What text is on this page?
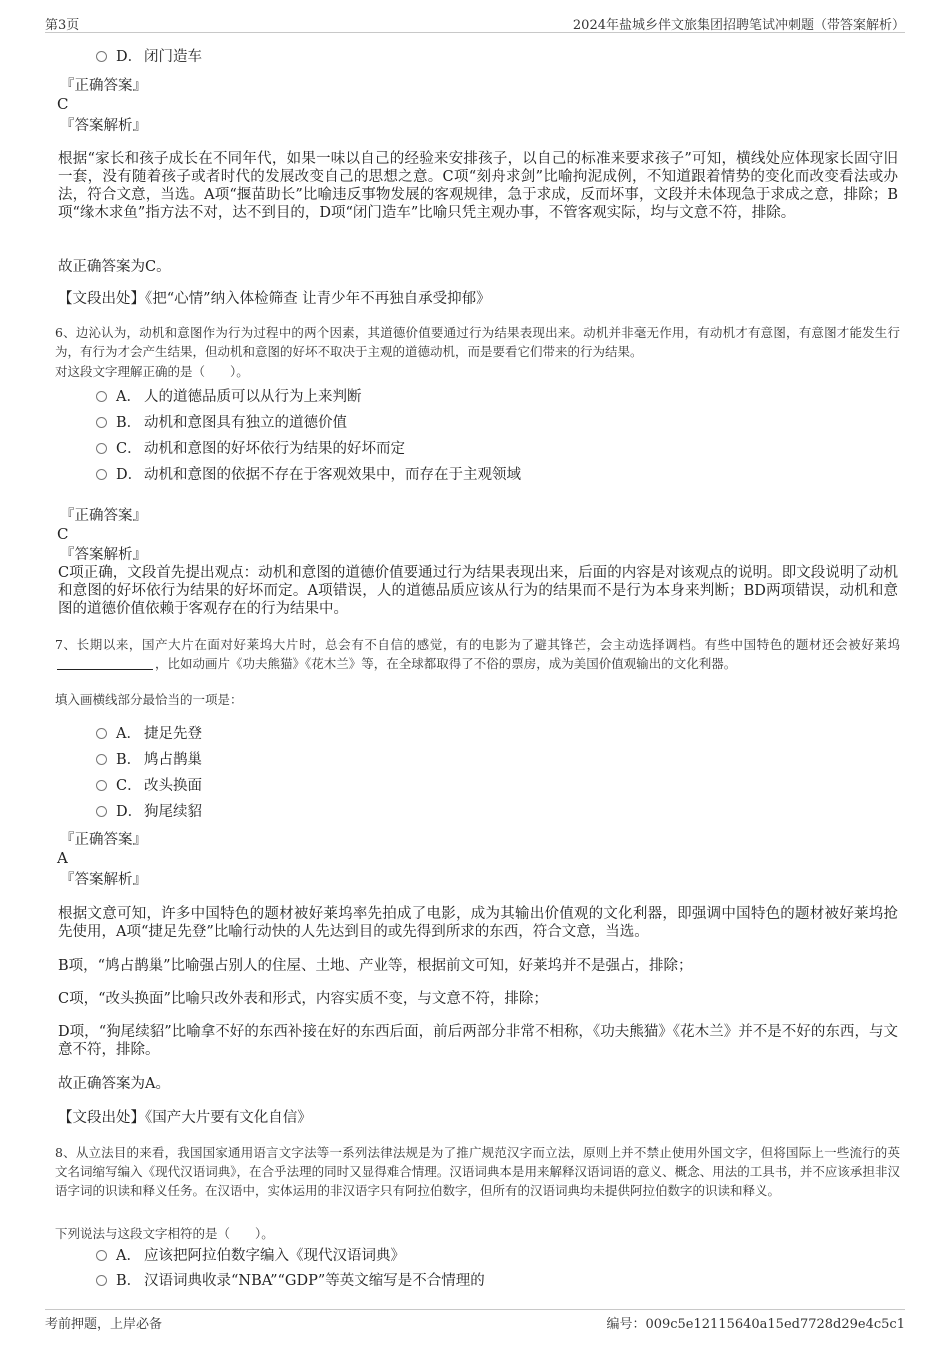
第3页	2024年盐城乡伴文旅集团招聘笔试冲刺题（带答案解析）
D． 闭门造车
『正确答案』
C
『答案解析』
根据“家长和孩子成长在不同年代，如果一味以自己的经验来安排孩子，以自己的标准来要求孩子”可知，横线处应体现家长固守旧一套，没有随着孩子或者时代的发展改变自己的思想之意。C项“刻舟求剑”比喻拘泥成例，不知道跟着情势的变化而改变看法或办法，符合文意，当选。A项“揠苗助长”比喻违反事物发展的客观规律，急于求成，反而坏事，文段并未体现急于求成之意，排除；B项“缘木求鱼”指方法不对，达不到目的，D项“闭门造车”比喻只凭主观办事，不管客观实际，均与文意不符，排除。
故正确答案为C。
【文段出处】《把“心情”纳入体检筛查 让青少年不再独自承受抑郁》
6、边沁认为，动机和意图作为行为过程中的两个因素，其道德价值要通过行为结果表现出来。动机并非毫无作用，有动机才有意图，有意图才能发生行为，有行为才会产生结果，但动机和意图的好坏不取决于主观的道德动机，而是要看它们带来的行为结果。
对这段文字理解正确的是（　　）。
A． 人的道德品质可以从行为上来判断
B． 动机和意图具有独立的道德价值
C． 动机和意图的好坏依行为结果的好坏而定
D． 动机和意图的依据不存在于客观效果中，而存在于主观领域
『正确答案』
C
『答案解析』
C项正确，文段首先提出观点：动机和意图的道德价值要通过行为结果表现出来，后面的内容是对该观点的说明。即文段说明了动机和意图的好坏依行为结果的好坏而定。A项错误，人的道德品质应该从行为的结果而不是行为本身来判断；BD两项错误，动机和意图的道德价值依赖于客观存在的行为结果中。
7、长期以来，国产大片在面对好莱坞大片时，总会有不自信的感觉，有的电影为了避其锋芒，会主动选择调档。有些中国特色的题材还会被好莱坞，比如动画片《功夫熊猫》《花木兰》等，在全球都取得了不俗的票房，成为美国价值观输出的文化利器。
填入画横线部分最恰当的一项是：
A． 捷足先登
B． 鸠占鹊巢
C． 改头换面
D． 狗尾续貂
『正确答案』
A
『答案解析』
根据文意可知，许多中国特色的题材被好莱坞率先拍成了电影，成为其输出价值观的文化利器，即强调中国特色的题材被好莱坞抢先使用，A项“捷足先登”比喻行动快的人先达到目的或先得到所求的东西，符合文意，当选。
B项，“鸠占鹊巢”比喻强占别人的住屋、土地、产业等，根据前文可知，好莱坞并不是强占，排除；
C项，“改头换面”比喻只改外表和形式，内容实质不变，与文意不符，排除；
D项，“狗尾续貂”比喻拿不好的东西补接在好的东西后面，前后两部分非常不相称，《功夫熊猫》《花木兰》并不是不好的东西，与文意不符，排除。
故正确答案为A。
【文段出处】《国产大片要有文化自信》
8、从立法目的来看，我国国家通用语言文字法等一系列法律法规是为了推广规范汉字而立法，原则上并不禁止使用外国文字，但将国际上一些流行的英文名词缩写编入《现代汉语词典》，在合乎法理的同时又显得难合情理。汉语词典本是用来解释汉语词语的意义、概念、用法的工具书，并不应该承担非汉语字词的识读和释义任务。在汉语中，实体运用的非汉语字只有阿拉伯数字，但所有的汉语词典均未提供阿拉伯数字的识读和释义。
下列说法与这段文字相符的是（　　）。
A． 应该把阿拉伯数字编入《现代汉语词典》
B． 汉语词典收录“NBA”“GDP”等英文缩写是不合情理的
考前押题，上岸必备	编号：009c5e12115640a15ed7728d29e4c5c1
